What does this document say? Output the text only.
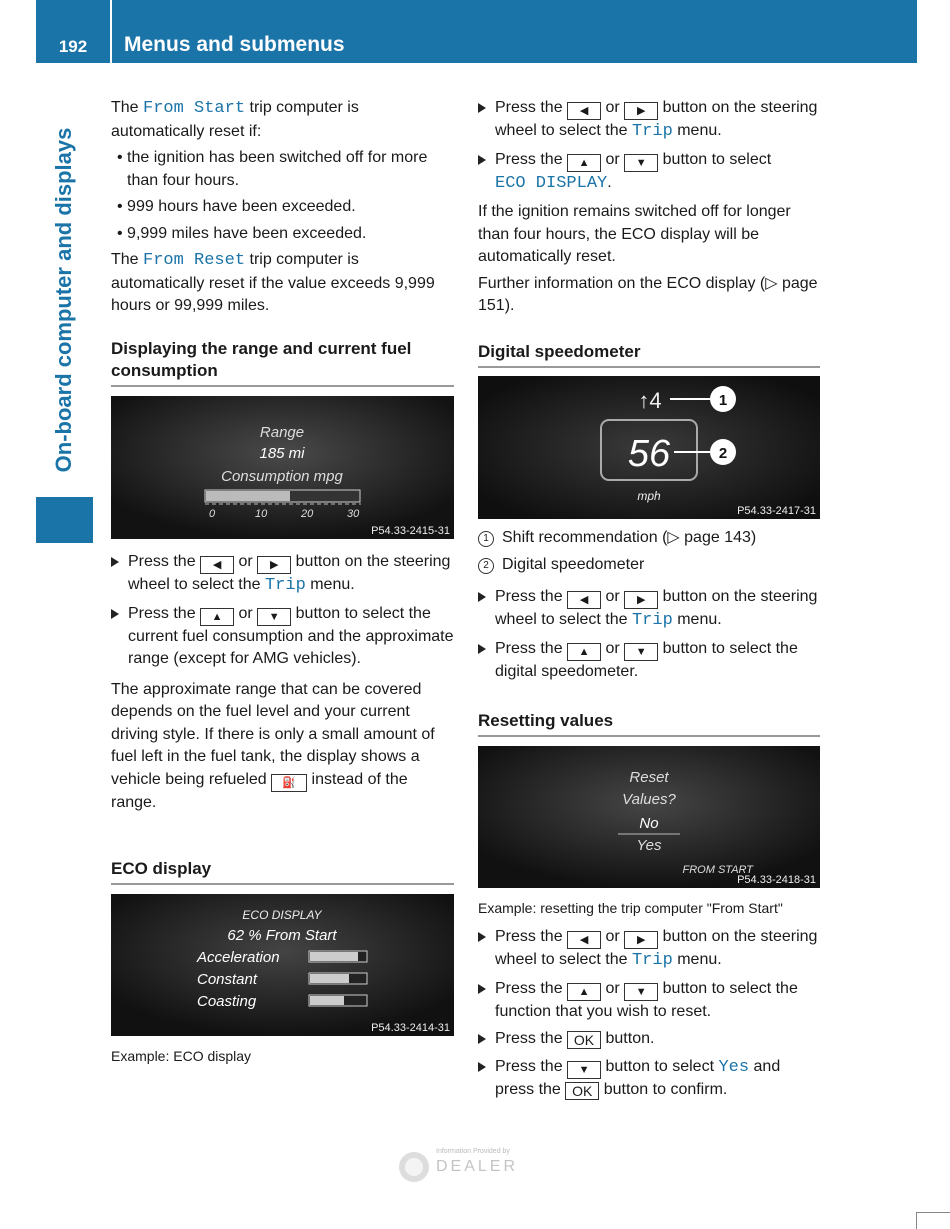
192	Menus and submenus
On-board computer and displays

The From Start trip computer is automatically reset if:

• the ignition has been switched off for more than four hours.

• 999 hours have been exceeded.

• 9,999 miles have been exceeded.

The From Reset trip computer is automatically reset if the value exceeds 9,999 hours or 99,999 miles.

Displaying the range and current fuel consumption
Range
185 mi
Consumption mpg
0	10	20	30
P54.33-2415-31
Press the ◀ or ▶ button on the steering wheel to select the Trip menu.
Press the ▲ or ▼ button to select the current fuel consumption and the approximate range (except for AMG vehicles).

The approximate range that can be covered depends on the fuel level and your current driving style. If there is only a small amount of fuel left in the fuel tank, the display shows a vehicle being refueled ⛽ instead of the range.

ECO display
ECO DISPLAY
62 % From Start
Acceleration
Constant
Coasting
P54.33-2414-31
Example: ECO display
Press the ◀ or ▶ button on the steering wheel to select the Trip menu.
Press the ▲ or ▼ button to select
ECO DISPLAY.

If the ignition remains switched off for longer than four hours, the ECO display will be automatically reset.

Further information on the ECO display (▷ page 151).

Digital speedometer
↑4
56
mph
1
2
P54.33-2417-31

1 Shift recommendation (▷ page 143)

2 Digital speedometer

Press the ◀ or ▶ button on the steering wheel to select the Trip menu.
Press the ▲ or ▼ button to select the digital speedometer.
Resetting values
Reset
Values?
No
Yes
FROM START
P54.33-2418-31
Example: resetting the trip computer "From Start"
Press the ◀ or ▶ button on the steering wheel to select the Trip menu.
Press the ▲ or ▼ button to select the function that you wish to reset.
Press the OK button.
Press the ▼ button to select Yes and press the OK button to confirm.
Information Provided by
DEALER
